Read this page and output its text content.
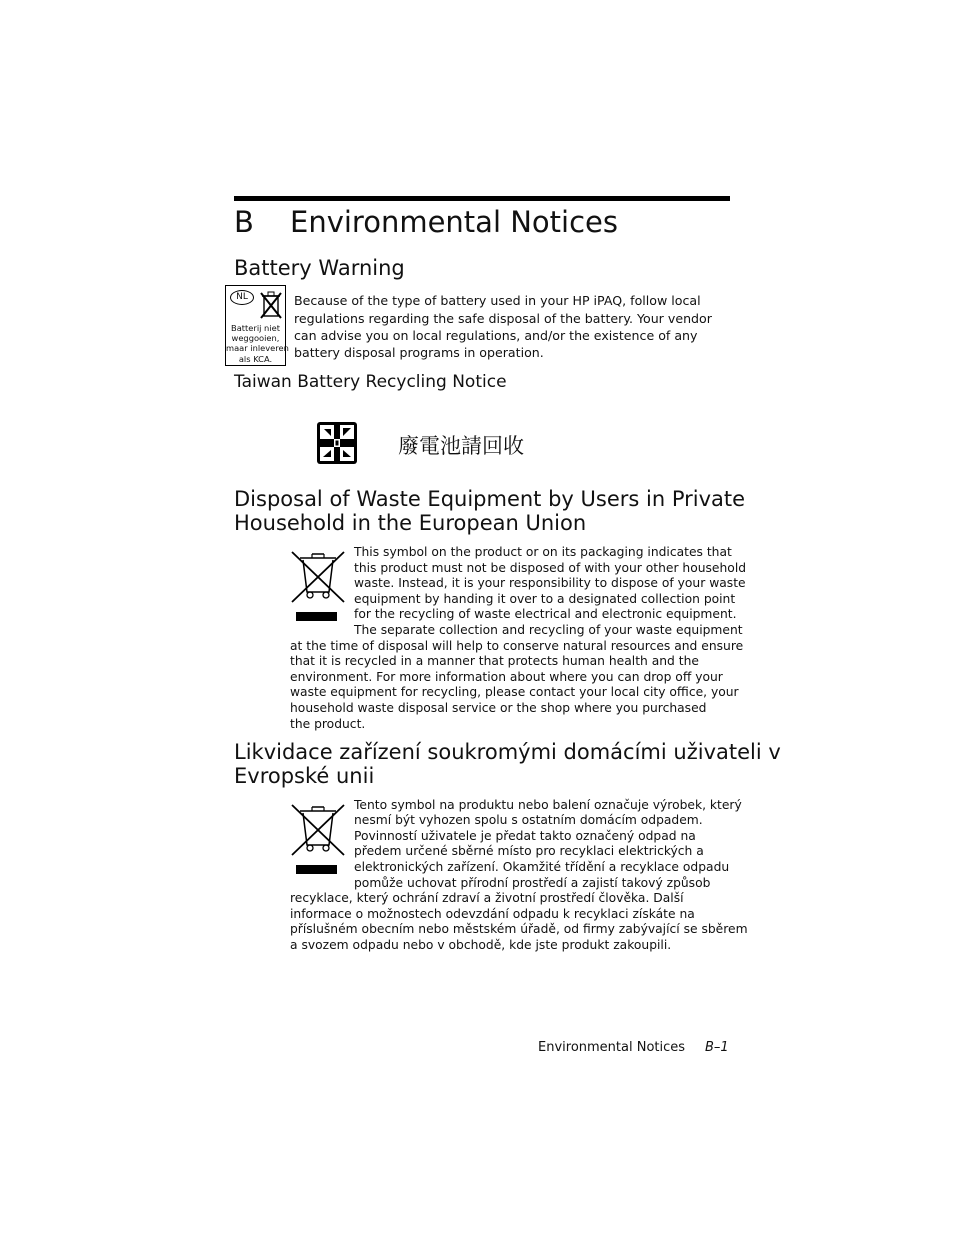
B Environmental Notices
Battery Warning
NL
Batterij niet
weggooien,
maar inleveren
als KCA.

Because of the type of battery used in your HP iPAQ, follow local

regulations regarding the safe disposal of the battery. Your vendor

can advise you on local regulations, and/or the existence of any

battery disposal programs in operation.

Taiwan Battery Recycling Notice
廢電池請回收
Disposal of Waste Equipment by Users in Private
Household in the European Union

This symbol on the product or on its packaging indicates that

this product must not be disposed of with your other household

waste. Instead, it is your responsibility to dispose of your waste

equipment by handing it over to a designated collection point

for the recycling of waste electrical and electronic equipment.

The separate collection and recycling of your waste equipment

at the time of disposal will help to conserve natural resources and ensure

that it is recycled in a manner that protects human health and the

environment. For more information about where you can drop off your

waste equipment for recycling, please contact your local city office, your

household waste disposal service or the shop where you purchased

the product.

Likvidace zařízení soukromými domácími uživateli v
Evropské unii

Tento symbol na produktu nebo balení označuje výrobek, který

nesmí být vyhozen spolu s ostatním domácím odpadem.

Povinností uživatele je předat takto označený odpad na

předem určené sběrné místo pro recyklaci elektrických a

elektronických zařízení. Okamžité třídění a recyklace odpadu

pomůže uchovat přírodní prostředí a zajistí takový způsob

recyklace, který ochrání zdraví a životní prostředí člověka. Další

informace o možnostech odevzdání odpadu k recyklaci získáte na

příslušném obecním nebo městském úřadě, od firmy zabývající se sběrem

a svozem odpadu nebo v obchodě, kde jste produkt zakoupili.

Environmental Notices B–1
